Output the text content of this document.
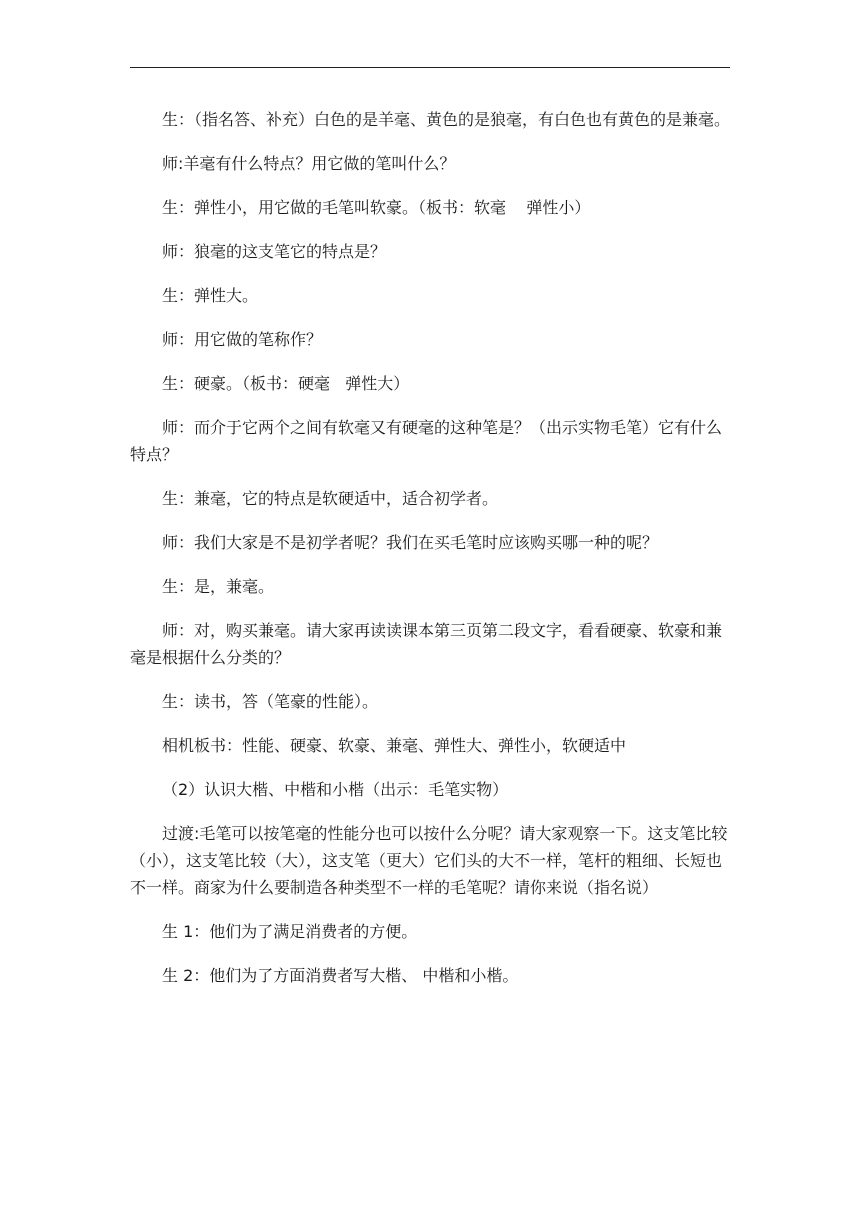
生：（指名答、补充）白色的是羊毫、黄色的是狼毫，有白色也有黄色的是兼毫。

师:羊毫有什么特点？用它做的笔叫什么？

生：弹性小，用它做的毛笔叫软豪。（板书：软毫    弹性小）

师：狼毫的这支笔它的特点是？

生：弹性大。

师：用它做的笔称作？

生：硬豪。（板书：硬毫   弹性大）

师：而介于它两个之间有软毫又有硬毫的这种笔是？（出示实物毛笔）它有什么特点？

生：兼毫，它的特点是软硬适中，适合初学者。

师：我们大家是不是初学者呢？我们在买毛笔时应该购买哪一种的呢？

生：是，兼毫。

师：对，购买兼毫。请大家再读读课本第三页第二段文字，看看硬豪、软豪和兼毫是根据什么分类的？

生：读书，答（笔豪的性能）。

相机板书：性能、硬豪、软豪、兼毫、弹性大、弹性小，软硬适中

（2）认识大楷、中楷和小楷（出示：毛笔实物）

过渡:毛笔可以按笔毫的性能分也可以按什么分呢？请大家观察一下。这支笔比较（小），这支笔比较（大），这支笔（更大）它们头的大不一样，笔杆的粗细、长短也不一样。商家为什么要制造各种类型不一样的毛笔呢？请你来说（指名说）

生 1：他们为了满足消费者的方便。

生 2：他们为了方面消费者写大楷、 中楷和小楷。
